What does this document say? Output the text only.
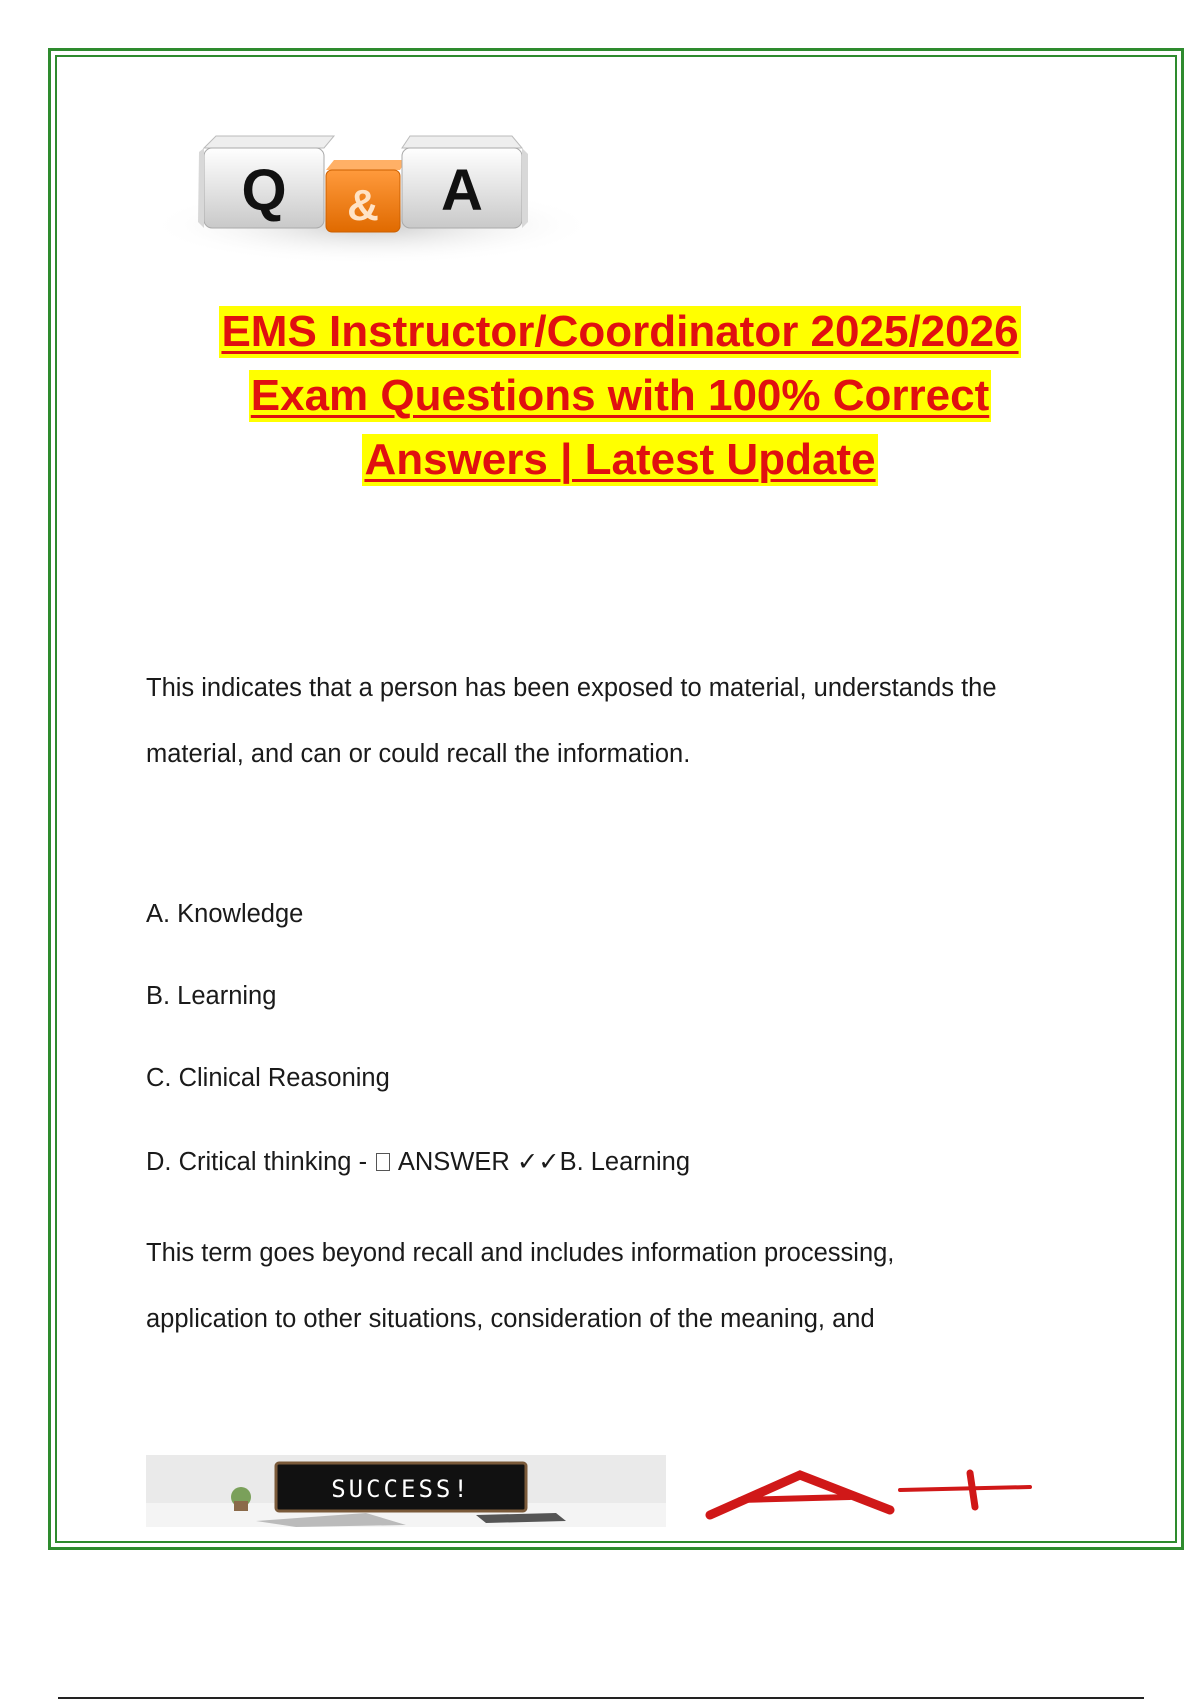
Q & A
EMS Instructor/Coordinator 2025/2026
Exam Questions with 100% Correct
Answers | Latest Update
This indicates that a person has been exposed to material, understands the
material, and can or could recall the information.
A. Knowledge
B. Learning
C. Clinical Reasoning
D. Critical thinking -  ANSWER ✓✓B. Learning
This term goes beyond recall and includes information processing,
application to other situations, consideration of the meaning, and
SUCCESS!
A+
